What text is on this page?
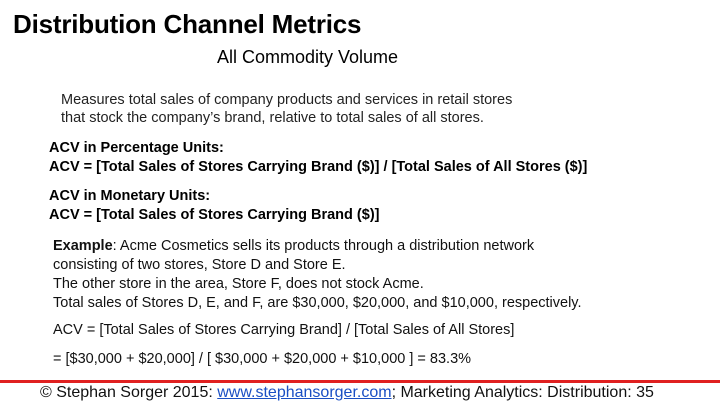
Distribution Channel Metrics
All Commodity Volume
Measures total sales of company products and services in retail stores
that stock the company’s brand, relative to total sales of all stores.
ACV in Percentage Units:
ACV = [Total Sales of Stores Carrying Brand ($)] / [Total Sales of All Stores ($)]
ACV in Monetary Units:
ACV = [Total Sales of Stores Carrying Brand ($)]
Example: Acme Cosmetics sells its products through a distribution network
consisting of two stores, Store D and Store E.
The other store in the area, Store F, does not stock Acme.
Total sales of Stores D, E, and F, are $30,000, $20,000, and $10,000, respectively.
ACV = [Total Sales of Stores Carrying Brand] / [Total Sales of All Stores]
= [$30,000 + $20,000] / [ $30,000 + $20,000 + $10,000 ] = 83.3%
© Stephan Sorger 2015: www.stephansorger.com; Marketing Analytics: Distribution: 35
